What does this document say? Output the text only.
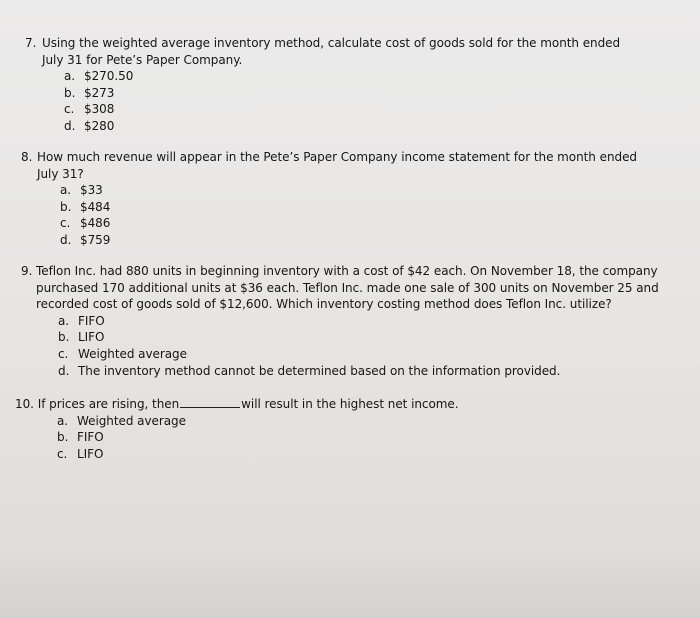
7. Using the weighted average inventory method, calculate cost of goods sold for the month ended July 31 for Pete’s Paper Company.
a. $270.50
b. $273
c. $308
d. $280
8. How much revenue will appear in the Pete’s Paper Company income statement for the month ended July 31?
a. $33
b. $484
c. $486
d. $759
9. Teflon Inc. had 880 units in beginning inventory with a cost of $42 each. On November 18, the company purchased 170 additional units at $36 each. Teflon Inc. made one sale of 300 units on November 25 and recorded cost of goods sold of $12,600. Which inventory costing method does Teflon Inc. utilize?
a. FIFO
b. LIFO
c. Weighted average
d. The inventory method cannot be determined based on the information provided.
10. If prices are rising, then	will result in the highest net income.
a. Weighted average
b. FIFO
c. LIFO
